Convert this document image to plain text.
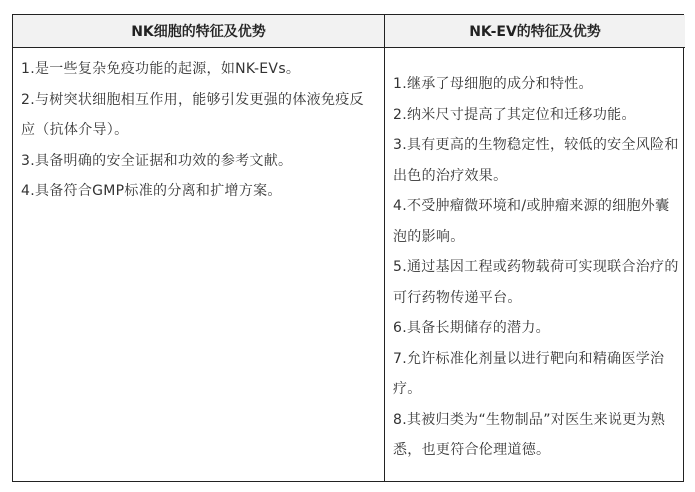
NK细胞的特征及优势	NK-EV的特征及优势
1.是一些复杂免疫功能的起源，如NK-EVs。
2.与树突状细胞相互作用，能够引发更强的体液免疫反应（抗体介导）。
3.具备明确的安全证据和功效的参考文献。
4.具备符合GMP标准的分离和扩增方案。
1.继承了母细胞的成分和特性。
2.纳米尺寸提高了其定位和迁移功能。
3.具有更高的生物稳定性，较低的安全风险和出色的治疗效果。
4.不受肿瘤微环境和/或肿瘤来源的细胞外囊泡的影响。
5.通过基因工程或药物载荷可实现联合治疗的可行药物传递平台。
6.具备长期储存的潜力。
7.允许标准化剂量以进行靶向和精确医学治疗。
8.其被归类为“生物制品”对医生来说更为熟悉，也更符合伦理道德。
